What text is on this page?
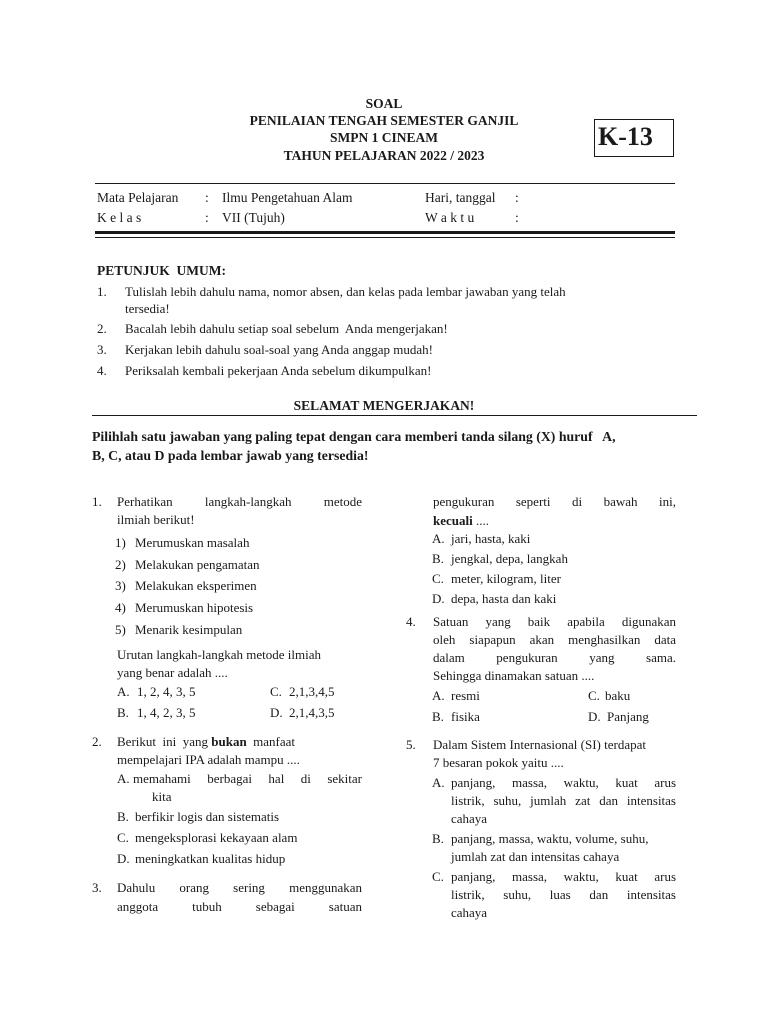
SOAL
PENILAIAN TENGAH SEMESTER GANJIL
SMPN 1 CINEAM
TAHUN PELAJARAN 2022 / 2023
K-13
Mata Pelajaran : Ilmu Pengetahuan Alam	Hari, tanggal :
K e l a s	: VII (Tujuh)	W a k t u	:
PETUNJUK  UMUM:
1. Tulislah lebih dahulu nama, nomor absen, dan kelas pada lembar jawaban yang telah
tersedia!
2. Bacalah lebih dahulu setiap soal sebelum  Anda mengerjakan!
3. Kerjakan lebih dahulu soal-soal yang Anda anggap mudah!
4. Periksalah kembali pekerjaan Anda sebelum dikumpulkan!
SELAMAT MENGERJAKAN!
Pilihlah satu jawaban yang paling tepat dengan cara memberi tanda silang (X) huruf   A,
B, C, atau D pada lembar jawab yang tersedia!
1. Perhatikan langkah-langkah metode
ilmiah berikut!
1) Merumuskan masalah
2) Melakukan pengamatan
3) Melakukan eksperimen
4) Merumuskan hipotesis
5) Menarik kesimpulan
Urutan langkah-langkah metode ilmiah
yang benar adalah ....
A. 1, 2, 4, 3, 5	C. 2,1,3,4,5
B. 1, 4, 2, 3, 5	D. 2,1,4,3,5
2. Berikut  ini  yang bukan  manfaat
mempelajari IPA adalah mampu ....
A. memahami berbagai hal di sekitar
kita
B. berfikir logis dan sistematis
C. mengeksplorasi kekayaan alam
D. meningkatkan kualitas hidup
3. Dahulu orang sering menggunakan
anggota tubuh sebagai satuan
pengukuran seperti di bawah ini,
kecuali ....
A. jari, hasta, kaki
B. jengkal, depa, langkah
C. meter, kilogram, liter
D. depa, hasta dan kaki
4. Satuan yang baik apabila digunakan
oleh siapapun akan menghasilkan data
dalam pengukuran yang sama.
Sehingga dinamakan satuan ....
A. resmi	C. baku
B. fisika	D. Panjang
5. Dalam Sistem Internasional (SI) terdapat
7 besaran pokok yaitu ....
A. panjang, massa, waktu, kuat arus
listrik, suhu, jumlah zat dan intensitas
cahaya
B. panjang, massa, waktu, volume, suhu,
jumlah zat dan intensitas cahaya
C. panjang, massa, waktu, kuat arus
listrik, suhu, luas dan intensitas
cahaya
